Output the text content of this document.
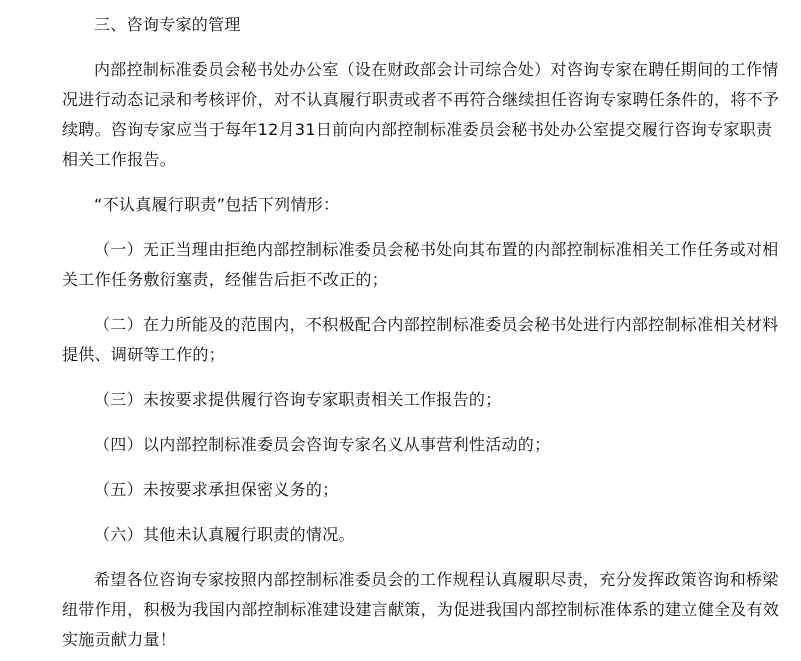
三、咨询专家的管理

内部控制标准委员会秘书处办公室（设在财政部会计司综合处）对咨询专家在聘任期间的工作情况进行动态记录和考核评价，对不认真履行职责或者不再符合继续担任咨询专家聘任条件的，将不予续聘。咨询专家应当于每年12月31日前向内部控制标准委员会秘书处办公室提交履行咨询专家职责相关工作报告。

“不认真履行职责”包括下列情形：

（一）无正当理由拒绝内部控制标准委员会秘书处向其布置的内部控制标准相关工作任务或对相关工作任务敷衍塞责，经催告后拒不改正的；

（二）在力所能及的范围内，不积极配合内部控制标准委员会秘书处进行内部控制标准相关材料提供、调研等工作的；

（三）未按要求提供履行咨询专家职责相关工作报告的；

（四）以内部控制标准委员会咨询专家名义从事营利性活动的；

（五）未按要求承担保密义务的；

（六）其他未认真履行职责的情况。

希望各位咨询专家按照内部控制标准委员会的工作规程认真履职尽责，充分发挥政策咨询和桥梁纽带作用，积极为我国内部控制标准建设建言献策，为促进我国内部控制标准体系的建立健全及有效实施贡献力量！
